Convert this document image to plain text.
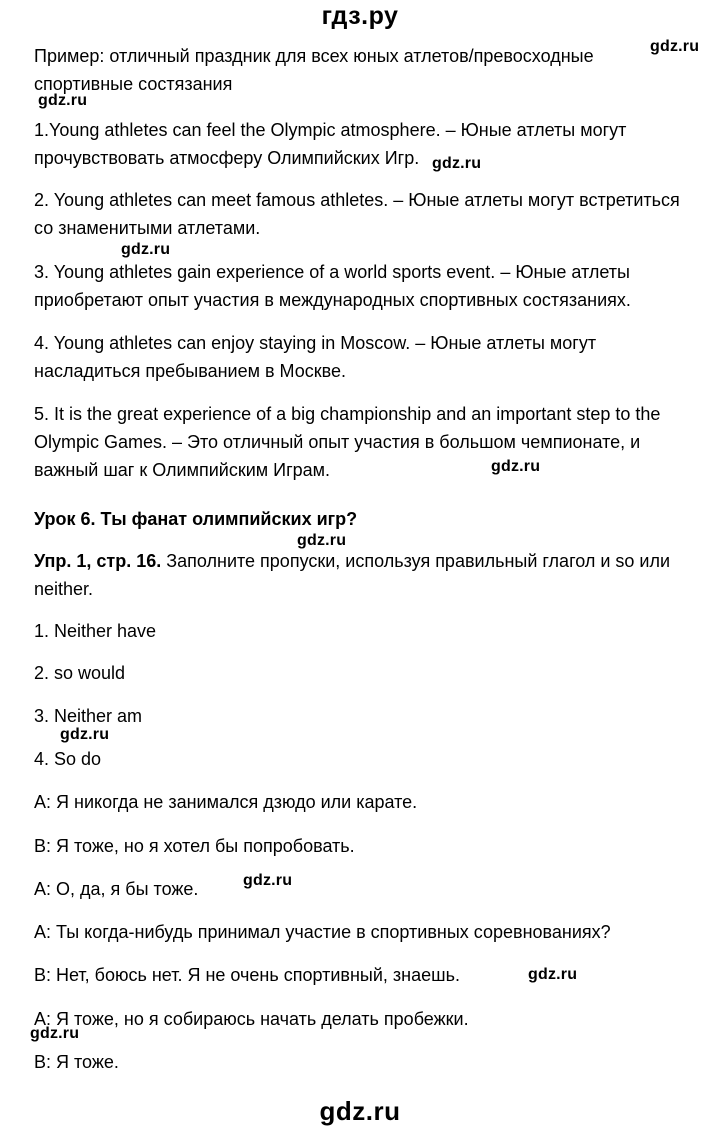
гдз.ру
Пример: отличный праздник для всех юных атлетов/превосходные спортивные состязания
1.Young athletes can feel the Olympic atmosphere. – Юные атлеты могут прочувствовать атмосферу Олимпийских Игр.
2. Young athletes can meet famous athletes. – Юные атлеты могут встретиться со знаменитыми атлетами.
3. Young athletes gain experience of a world sports event. – Юные атлеты приобретают опыт участия в международных спортивных состязаниях.
4. Young athletes can enjoy staying in Moscow. – Юные атлеты могут насладиться пребыванием в Москве.
5. It is the great experience of a big championship and an important step to the Olympic Games. – Это отличный опыт участия в большом чемпионате, и важный шаг к Олимпийским Играм.
Урок 6. Ты фанат олимпийских игр?
Упр. 1, стр. 16. Заполните пропуски, используя правильный глагол и so или neither.
1. Neither have
2. so would
3. Neither am
4. So do
A: Я никогда не занимался дзюдо или карате.
B: Я тоже, но я хотел бы попробовать.
A: О, да, я бы тоже.
A: Ты когда-нибудь принимал участие в спортивных соревнованиях?
B: Нет, боюсь нет. Я не очень спортивный, знаешь.
A: Я тоже, но я собираюсь начать делать пробежки.
B: Я тоже.
gdz.ru
gdz.ru
gdz.ru
gdz.ru
gdz.ru
gdz.ru
gdz.ru
gdz.ru
gdz.ru
gdz.ru
gdz.ru
